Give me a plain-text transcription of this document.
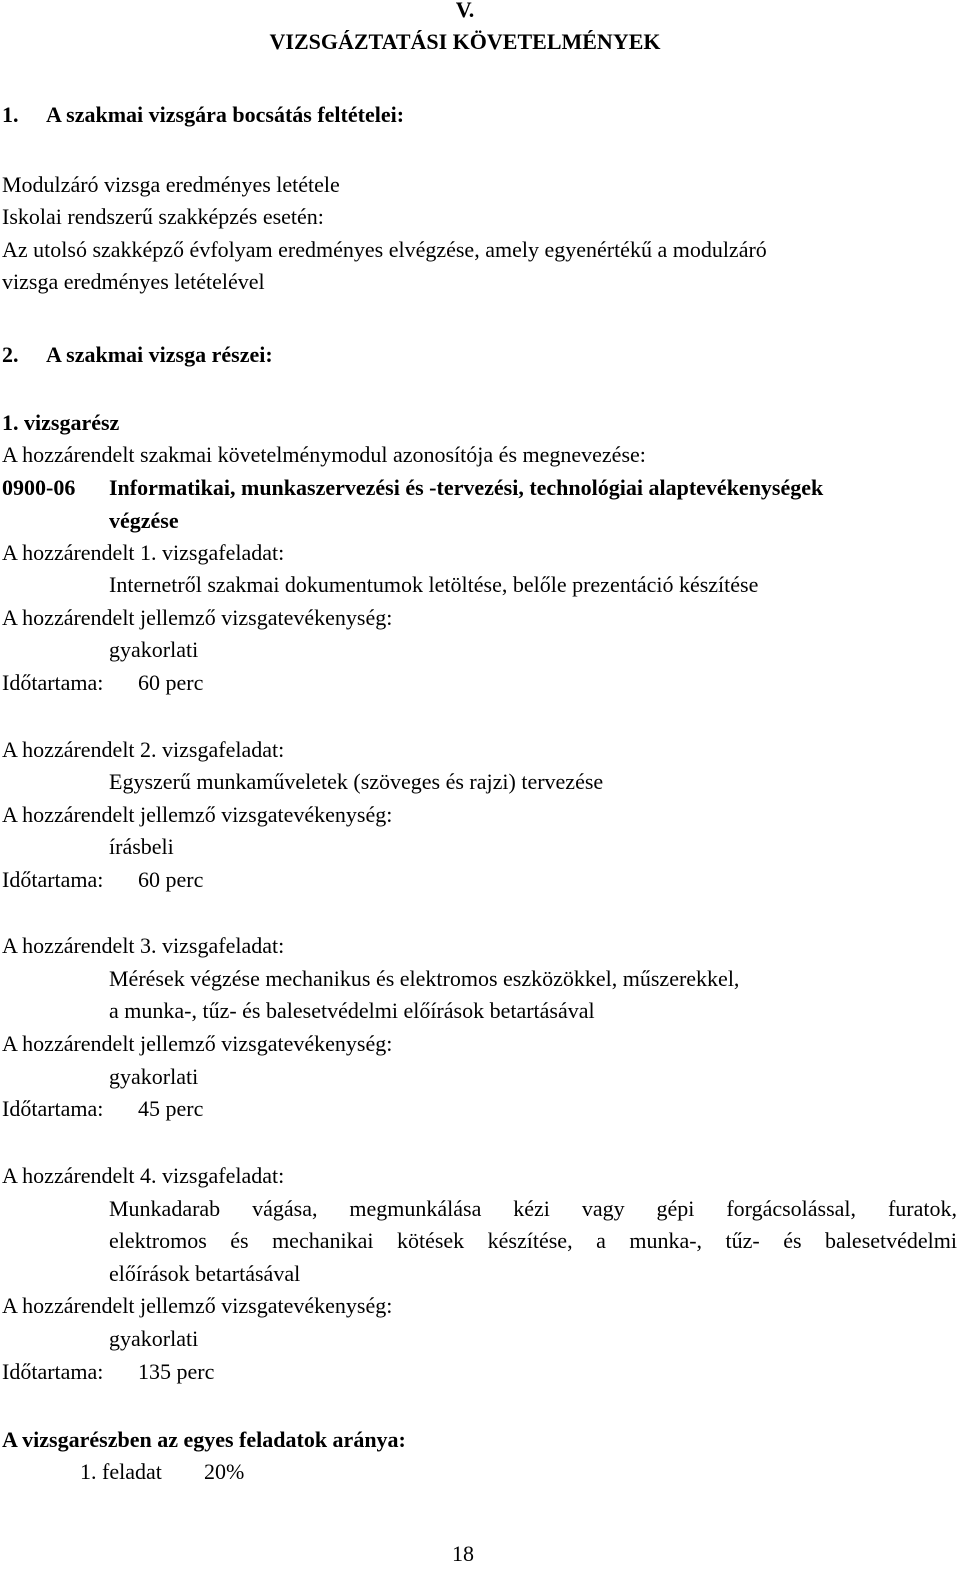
V.
VIZSGÁZTATÁSI KÖVETELMÉNYEK
1. A szakmai vizsgára bocsátás feltételei:
Modulzáró vizsga eredményes letétele
Iskolai rendszerű szakképzés esetén:
Az utolsó szakképző évfolyam eredményes elvégzése, amely egyenértékű a modulzáró
vizsga eredményes letételével
2. A szakmai vizsga részei:
1. vizsgarész
A hozzárendelt szakmai követelménymodul azonosítója és megnevezése:
0900-06 Informatikai, munkaszervezési és -tervezési, technológiai alaptevékenységek
végzése
A hozzárendelt 1. vizsgafeladat:
Internetről szakmai dokumentumok letöltése, belőle prezentáció készítése
A hozzárendelt jellemző vizsgatevékenység:
gyakorlati
Időtartama: 60 perc
A hozzárendelt 2. vizsgafeladat:
Egyszerű munkaműveletek (szöveges és rajzi) tervezése
A hozzárendelt jellemző vizsgatevékenység:
írásbeli
Időtartama: 60 perc
A hozzárendelt 3. vizsgafeladat:
Mérések végzése mechanikus és elektromos eszközökkel, műszerekkel,
a munka-, tűz- és balesetvédelmi előírások betartásával
A hozzárendelt jellemző vizsgatevékenység:
gyakorlati
Időtartama: 45 perc
A hozzárendelt 4. vizsgafeladat:
Munkadarab vágása, megmunkálása kézi vagy gépi forgácsolással, furatok,
elektromos és mechanikai kötések készítése, a munka-, tűz- és balesetvédelmi
előírások betartásával
A hozzárendelt jellemző vizsgatevékenység:
gyakorlati
Időtartama: 135 perc
A vizsgarészben az egyes feladatok aránya:
1. feladat 20%
18
